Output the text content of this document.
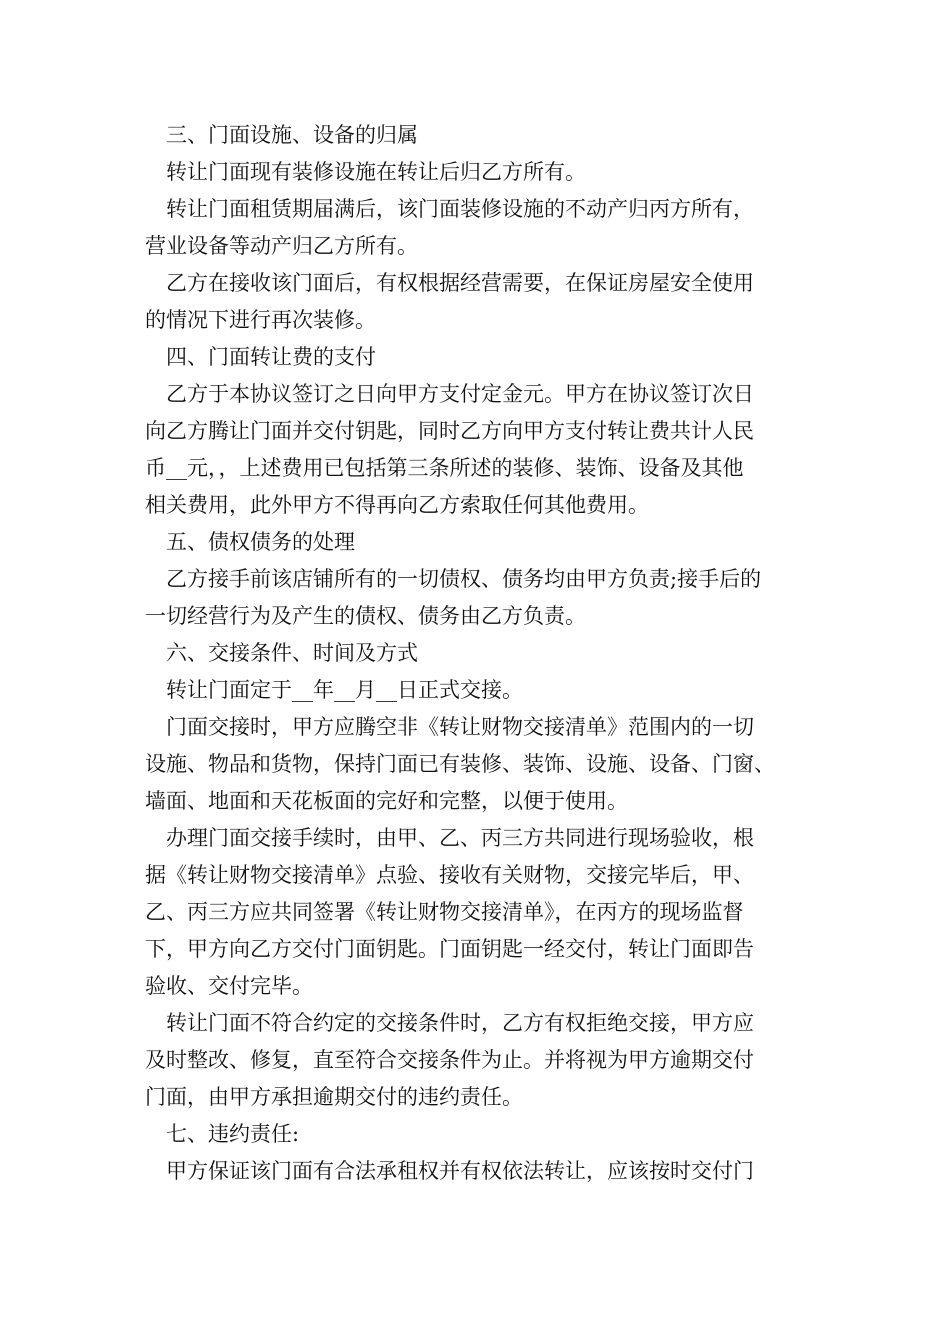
三、门面设施、设备的归属
转让门面现有装修设施在转让后归乙方所有。
转让门面租赁期届满后，该门面装修设施的不动产归丙方所有，
营业设备等动产归乙方所有。
乙方在接收该门面后，有权根据经营需要，在保证房屋安全使用
的情况下进行再次装修。
四、门面转让费的支付
乙方于本协议签订之日向甲方支付定金元。甲方在协议签订次日
向乙方腾让门面并交付钥匙，同时乙方向甲方支付转让费共计人民
币__元，，上述费用已包括第三条所述的装修、装饰、设备及其他
相关费用，此外甲方不得再向乙方索取任何其他费用。
五、债权债务的处理
乙方接手前该店铺所有的一切债权、债务均由甲方负责;接手后的
一切经营行为及产生的债权、债务由乙方负责。
六、交接条件、时间及方式
转让门面定于__年__月__日正式交接。
门面交接时，甲方应腾空非《转让财物交接清单》范围内的一切
设施、物品和货物，保持门面已有装修、装饰、设施、设备、门窗、
墙面、地面和天花板面的完好和完整，以便于使用。
办理门面交接手续时，由甲、乙、丙三方共同进行现场验收，根
据《转让财物交接清单》点验、接收有关财物，交接完毕后，甲、
乙、丙三方应共同签署《转让财物交接清单》，在丙方的现场监督
下，甲方向乙方交付门面钥匙。门面钥匙一经交付，转让门面即告
验收、交付完毕。
转让门面不符合约定的交接条件时，乙方有权拒绝交接，甲方应
及时整改、修复，直至符合交接条件为止。并将视为甲方逾期交付
门面，由甲方承担逾期交付的违约责任。
七、违约责任:
甲方保证该门面有合法承租权并有权依法转让，应该按时交付门
